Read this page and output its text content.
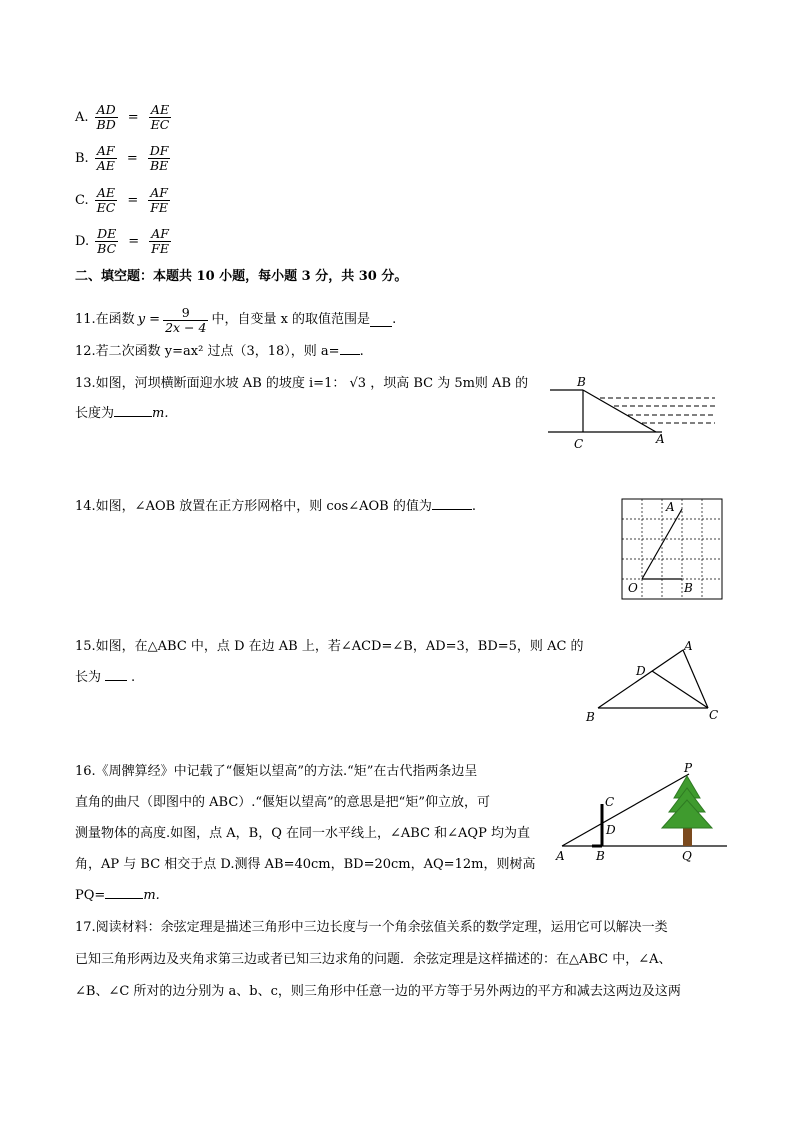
A. $\frac{AD}{BD} = \frac{AE}{EC}$
B. $\frac{AF}{AE} = \frac{DF}{BE}$
C. $\frac{AE}{EC} = \frac{AF}{FE}$
D. $\frac{DE}{BC} = \frac{AF}{FE}$
二、填空题：本题共 10 小题，每小题 3 分，共 30 分。
11.在函数 $y = \frac{9}{2x - 4}$ 中，自变量 x 的取值范围是 .
12.若二次函数 y=ax² 过点（3，18），则 a= .
13.如图，河坝横断面迎水坡 AB 的坡度 i=1： √3 ，坝高 BC 为 5m则 AB 的
长度为	m.
B
C	A
14.如图，∠AOB 放置在正方形网格中，则 cos∠AOB 的值为	.	A
O	B
15.如图，在△ABC 中，点 D 在边 AB 上，若∠ACD=∠B，AD=3，BD=5，则 AC 的
长为 .
A
B	C
D
16.《周髀算经》中记载了“偃矩以望高”的方法.“矩”在古代指两条边呈
直角的曲尺（即图中的 ABC）.“偃矩以望高”的意思是把“矩”仰立放，可
测量物体的高度.如图，点 A，B，Q 在同一水平线上，∠ABC 和∠AQP 均为直
角，AP 与 BC 相交于点 D.测得 AB=40cm，BD=20cm，AQ=12m，则树高
PQ=	m.
P
C
D
A	B	Q
17.阅读材料：余弦定理是描述三角形中三边长度与一个角余弦值关系的数学定理，运用它可以解决一类
已知三角形两边及夹角求第三边或者已知三边求角的问题．余弦定理是这样描述的：在△ABC 中，∠A、
∠B、∠C 所对的边分别为 a、b、c，则三角形中任意一边的平方等于另外两边的平方和减去这两边及这两
